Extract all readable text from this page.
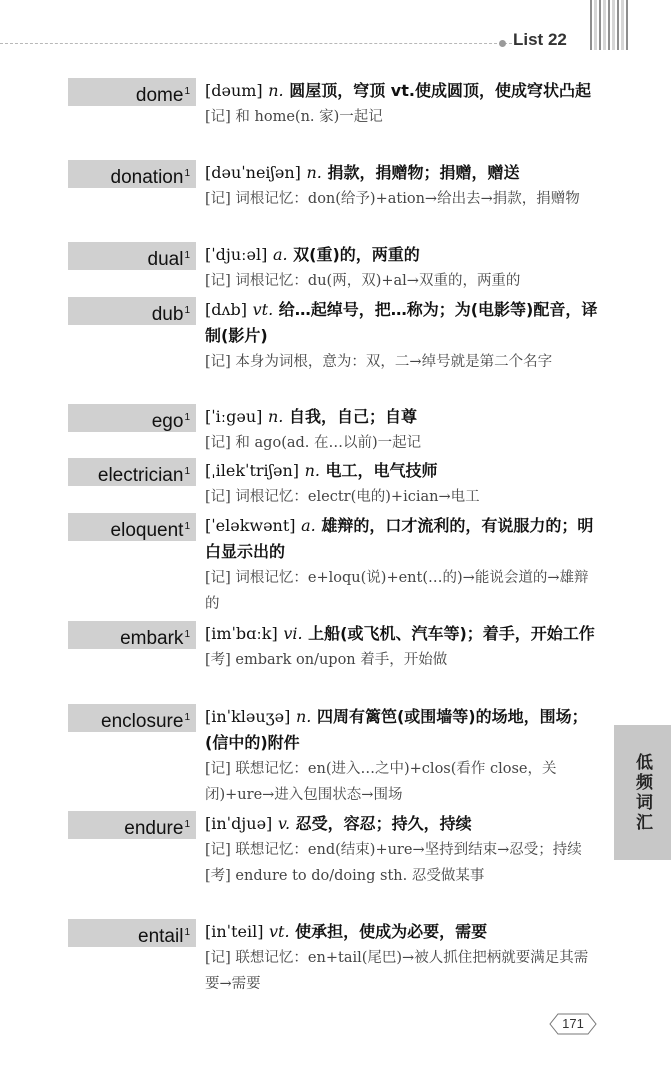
List 22
低频词汇
dome$^1$ [dəum] n. 圆屋顶，穹顶 vt.使成圆顶，使成穹状凸起
[记] 和 home(n. 家)一起记
donation$^1$ [dəuˈneiʃən] n. 捐款，捐赠物；捐赠，赠送
[记] 词根记忆：don(给予)+ation→给出去→捐款，捐赠物
dual$^1$ [ˈdjuːəl] a. 双(重)的，两重的
[记] 词根记忆：du(两，双)+al→双重的，两重的
dub$^1$ [dʌb] vt. 给…起绰号，把…称为；为(电影等)配音，译制(影片)
[记] 本身为词根，意为：双，二→绰号就是第二个名字
ego$^1$ [ˈiːgəu] n. 自我，自己；自尊
[记] 和 ago(ad. 在…以前)一起记
electrician$^1$ [ˌilekˈtriʃən] n. 电工，电气技师
[记] 词根记忆：electr(电的)+ician→电工
eloquent$^1$ [ˈeləkwənt] a. 雄辩的，口才流利的，有说服力的；明白显示出的
[记] 词根记忆：e+loqu(说)+ent(…的)→能说会道的→雄辩的
embark$^1$ [imˈbɑːk] vi. 上船(或飞机、汽车等)；着手，开始工作
[考] embark on/upon 着手，开始做
enclosure$^1$ [inˈkləuʒə] n. 四周有篱笆(或围墙等)的场地，围场；(信中的)附件
[记] 联想记忆：en(进入…之中)+clos(看作 close，关闭)+ure→进入包围状态→围场
endure$^1$ [inˈdjuə] v. 忍受，容忍；持久，持续
[记] 联想记忆：end(结束)+ure→坚持到结束→忍受；持续
[考] endure to do/doing sth. 忍受做某事
entail$^1$ [inˈteil] vt. 使承担，使成为必要，需要
[记] 联想记忆：en+tail(尾巴)→被人抓住把柄就要满足其需要→需要
171
